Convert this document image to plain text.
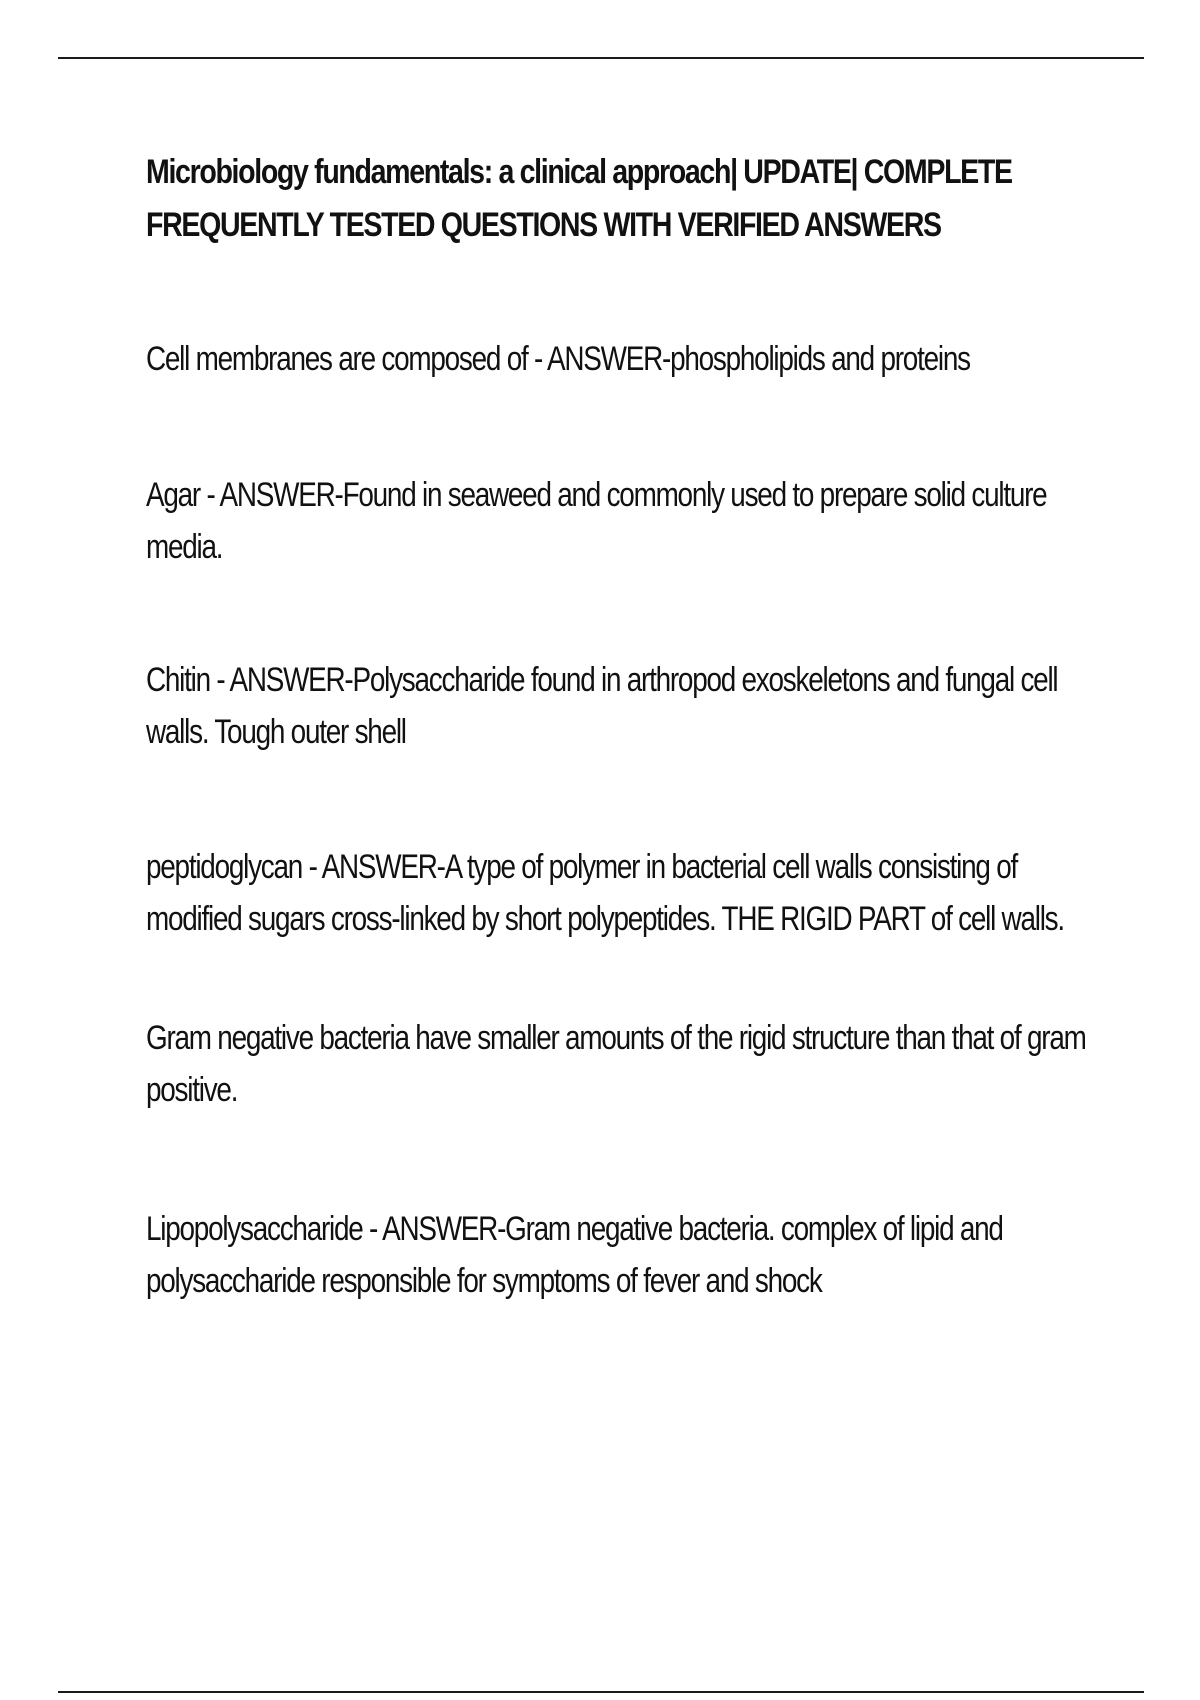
Microbiology fundamentals: a clinical approach| UPDATE| COMPLETE FREQUENTLY TESTED QUESTIONS WITH VERIFIED ANSWERS

Cell membranes are composed of - ANSWER-phospholipids and proteins

Agar - ANSWER-Found in seaweed and commonly used to prepare solid culture media.

Chitin - ANSWER-Polysaccharide found in arthropod exoskeletons and fungal cell walls. Tough outer shell

peptidoglycan - ANSWER-A type of polymer in bacterial cell walls consisting of modified sugars cross-linked by short polypeptides. THE RIGID PART of cell walls.

Gram negative bacteria have smaller amounts of the rigid structure than that of gram positive.

Lipopolysaccharide - ANSWER-Gram negative bacteria. complex of lipid and polysaccharide responsible for symptoms of fever and shock
